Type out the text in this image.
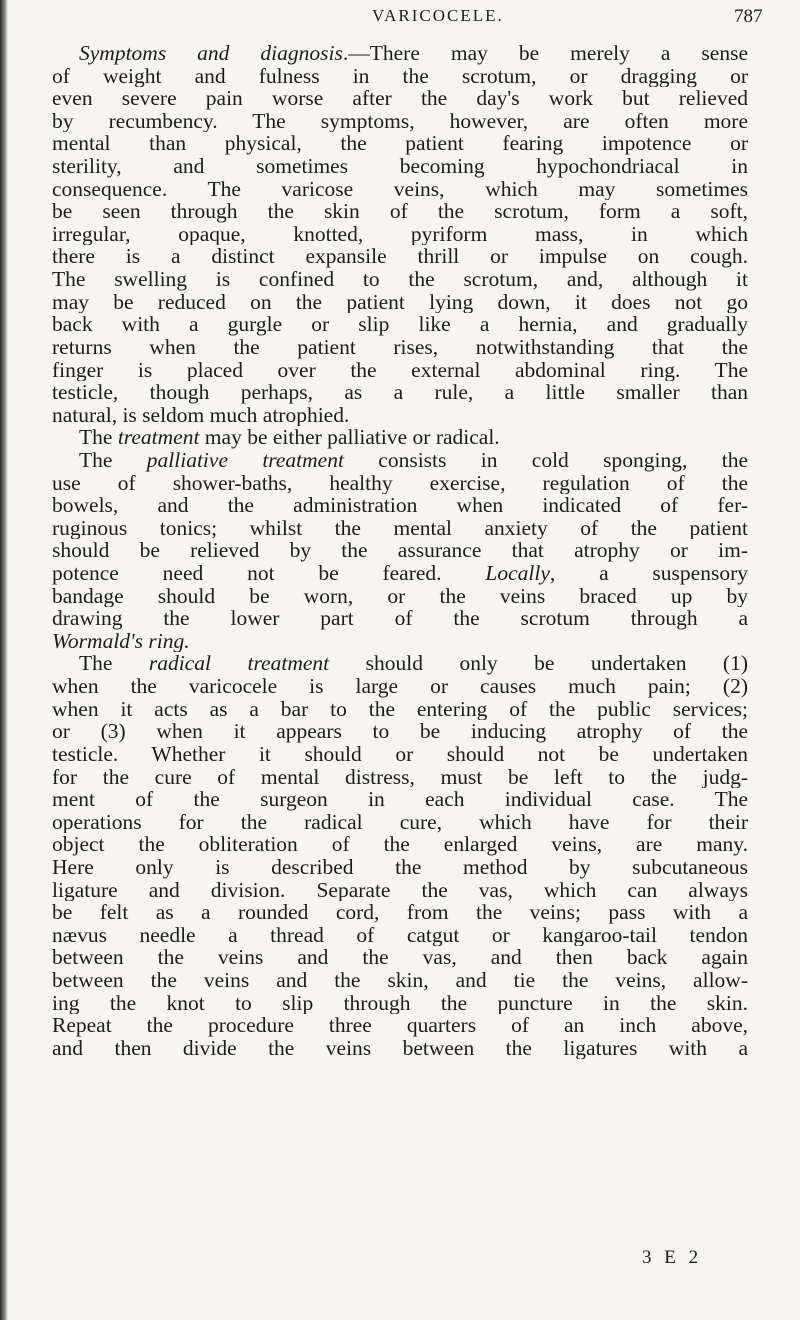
VARICOCELE.	787
Symptoms and diagnosis.—There may be merely a sense
of weight and fulness in the scrotum, or dragging or
even severe pain worse after the day's work but relieved
by recumbency. The symptoms, however, are often more
mental than physical, the patient fearing impotence or
sterility, and sometimes becoming hypochondriacal in
consequence. The varicose veins, which may sometimes
be seen through the skin of the scrotum, form a soft,
irregular, opaque, knotted, pyriform mass, in which
there is a distinct expansile thrill or impulse on cough.
The swelling is confined to the scrotum, and, although it
may be reduced on the patient lying down, it does not go
back with a gurgle or slip like a hernia, and gradually
returns when the patient rises, notwithstanding that the
finger is placed over the external abdominal ring. The
testicle, though perhaps, as a rule, a little smaller than
natural, is seldom much atrophied.
The treatment may be either palliative or radical.
The palliative treatment consists in cold sponging, the
use of shower-baths, healthy exercise, regulation of the
bowels, and the administration when indicated of fer-
ruginous tonics; whilst the mental anxiety of the patient
should be relieved by the assurance that atrophy or im-
potence need not be feared. Locally, a suspensory
bandage should be worn, or the veins braced up by
drawing the lower part of the scrotum through a
Wormald's ring.
The radical treatment should only be undertaken (1)
when the varicocele is large or causes much pain; (2)
when it acts as a bar to the entering of the public services;
or (3) when it appears to be inducing atrophy of the
testicle. Whether it should or should not be undertaken
for the cure of mental distress, must be left to the judg-
ment of the surgeon in each individual case. The
operations for the radical cure, which have for their
object the obliteration of the enlarged veins, are many.
Here only is described the method by subcutaneous
ligature and division. Separate the vas, which can always
be felt as a rounded cord, from the veins; pass with a
nævus needle a thread of catgut or kangaroo-tail tendon
between the veins and the vas, and then back again
between the veins and the skin, and tie the veins, allow-
ing the knot to slip through the puncture in the skin.
Repeat the procedure three quarters of an inch above,
and then divide the veins between the ligatures with a
3 E 2
